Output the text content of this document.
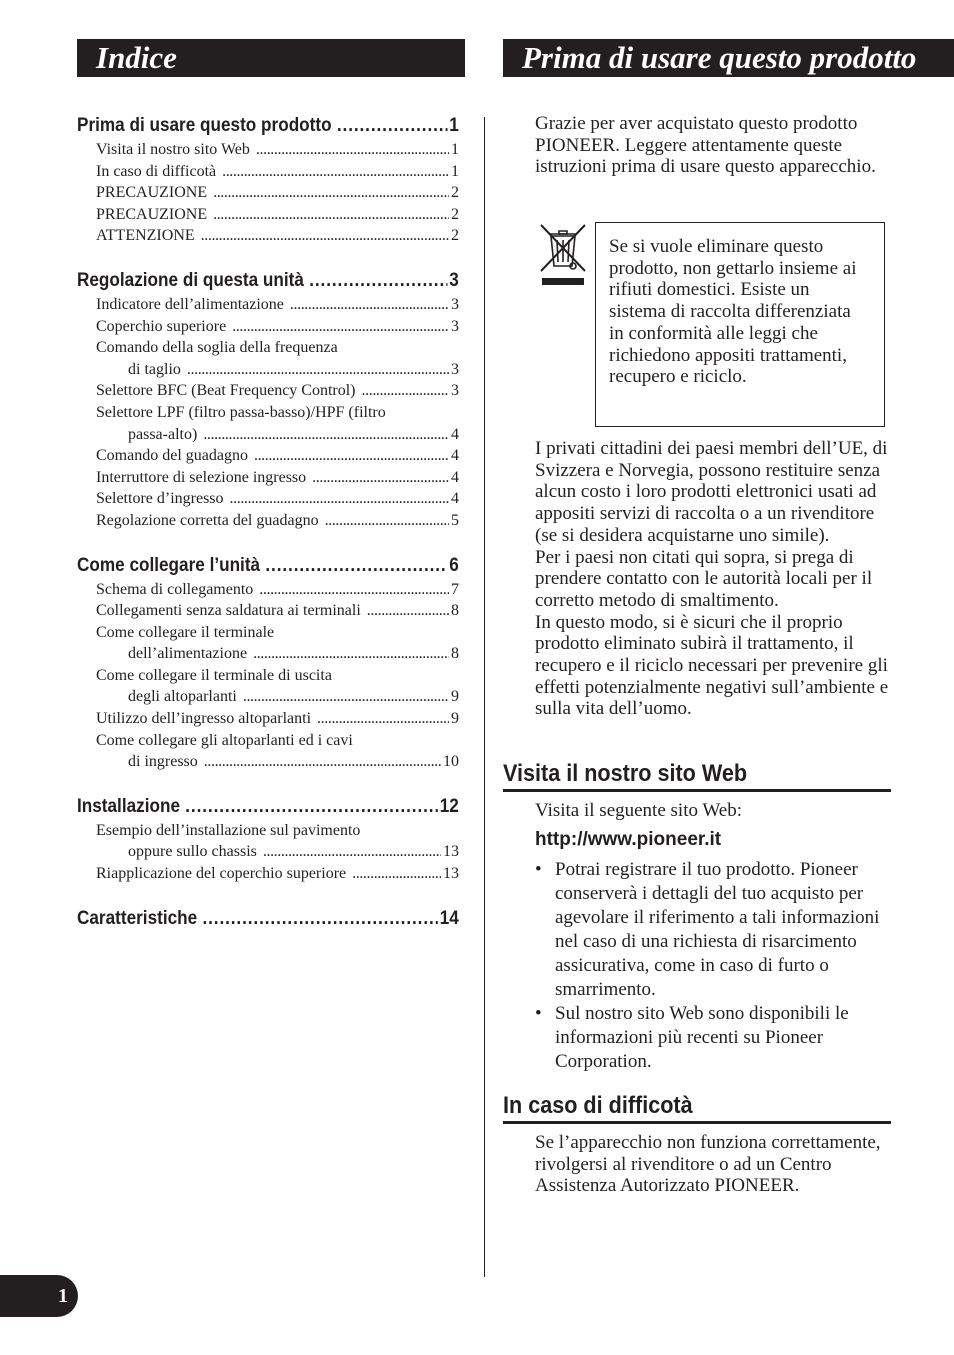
Indice	Prima di usare questo prodotto
Prima di usare questo prodotto . . .	1
Visita il nostro sito Web . . .	1
In caso di difficotà . . .	1
PRECAUZIONE . . .	2
PRECAUZIONE . . .	2
ATTENZIONE . . .	2
Regolazione di questa unità . . .	3
Indicatore dell’alimentazione . . .	3
Coperchio superiore . . .	3
Comando della soglia della frequenza
di taglio . . .	3
Selettore BFC (Beat Frequency Control) . . .	3
Selettore LPF (filtro passa-basso)/HPF (filtro
passa-alto) . . .	4
Comando del guadagno . . .	4
Interruttore di selezione ingresso . . .	4
Selettore d’ingresso . . .	4
Regolazione corretta del guadagno . . .	5
Come collegare l’unità . . .	6
Schema di collegamento . . .	7
Collegamenti senza saldatura ai terminali . . .	8
Come collegare il terminale
dell’alimentazione . . .	8
Come collegare il terminale di uscita
degli altoparlanti . . .	9
Utilizzo dell’ingresso altoparlanti . . .	9
Come collegare gli altoparlanti ed i cavi
di ingresso . . .	10
Installazione . . .	12
Esempio dell’installazione sul pavimento
oppure sullo chassis . . .	13
Riapplicazione del coperchio superiore . . .	13
Caratteristiche . . .	14
Grazie per aver acquistato questo prodotto PIONEER. Leggere attentamente queste istruzioni prima di usare questo apparecchio.
Se si vuole eliminare questo prodotto, non gettarlo insieme ai rifiuti domestici. Esiste un sistema di raccolta differenziata in conformità alle leggi che richiedono appositi trattamenti, recupero e riciclo.
I privati cittadini dei paesi membri dell’UE, di Svizzera e Norvegia, possono restituire senza alcun costo i loro prodotti elettronici usati ad appositi servizi di raccolta o a un rivenditore (se si desidera acquistarne uno simile).
Per i paesi non citati qui sopra, si prega di prendere contatto con le autorità locali per il corretto metodo di smaltimento.
In questo modo, si è sicuri che il proprio prodotto eliminato subirà il trattamento, il recupero e il riciclo necessari per prevenire gli effetti potenzialmente negativi sull’ambiente e sulla vita dell’uomo.
Visita il nostro sito Web
Visita il seguente sito Web:
http://www.pioneer.it
• Potrai registrare il tuo prodotto. Pioneer conserverà i dettagli del tuo acquisto per agevolare il riferimento a tali informazioni nel caso di una richiesta di risarcimento assicurativa, come in caso di furto o smarrimento.
• Sul nostro sito Web sono disponibili le informazioni più recenti su Pioneer Corporation.
In caso di difficotà
Se l’apparecchio non funziona correttamente, rivolgersi al rivenditore o ad un Centro Assistenza Autorizzato PIONEER.
1
